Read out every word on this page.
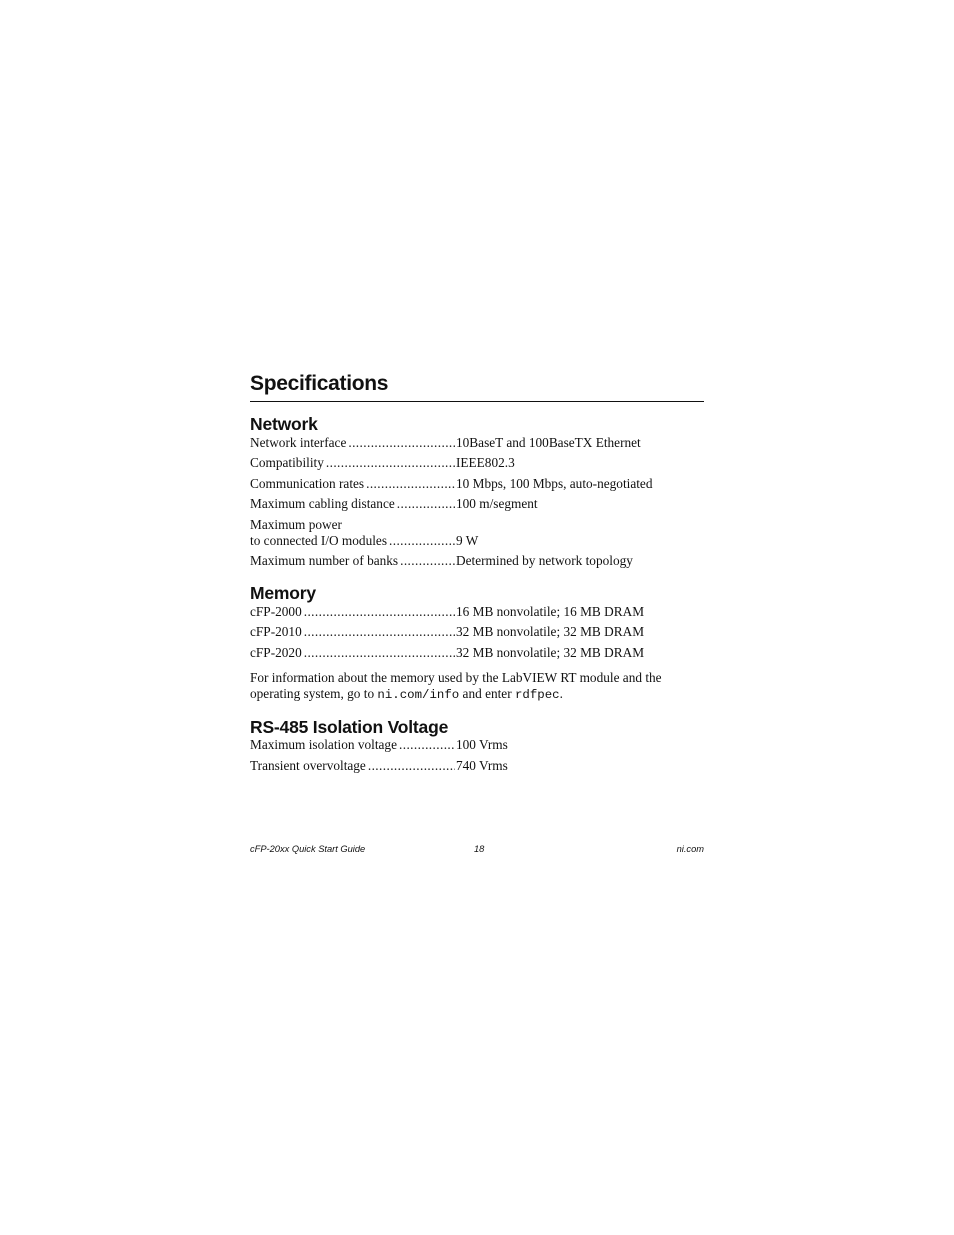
Specifications
Network
Network interface .....	10BaseT and 100BaseTX Ethernet
Compatibility .....	IEEE802.3
Communication rates .....	10 Mbps, 100 Mbps, auto-negotiated
Maximum cabling distance .....	100 m/segment
Maximum power
to connected I/O modules .....	9 W
Maximum number of banks .....	Determined by network topology
Memory
cFP-2000 .....	16 MB nonvolatile; 16 MB DRAM
cFP-2010 .....	32 MB nonvolatile; 32 MB DRAM
cFP-2020 .....	32 MB nonvolatile; 32 MB DRAM
For information about the memory used by the LabVIEW RT module and the operating system, go to ni.com/info and enter rdfpec.
RS-485 Isolation Voltage
Maximum isolation voltage .....	100 Vrms
Transient overvoltage .....	740 Vrms
cFP-20xx Quick Start Guide	18	ni.com
